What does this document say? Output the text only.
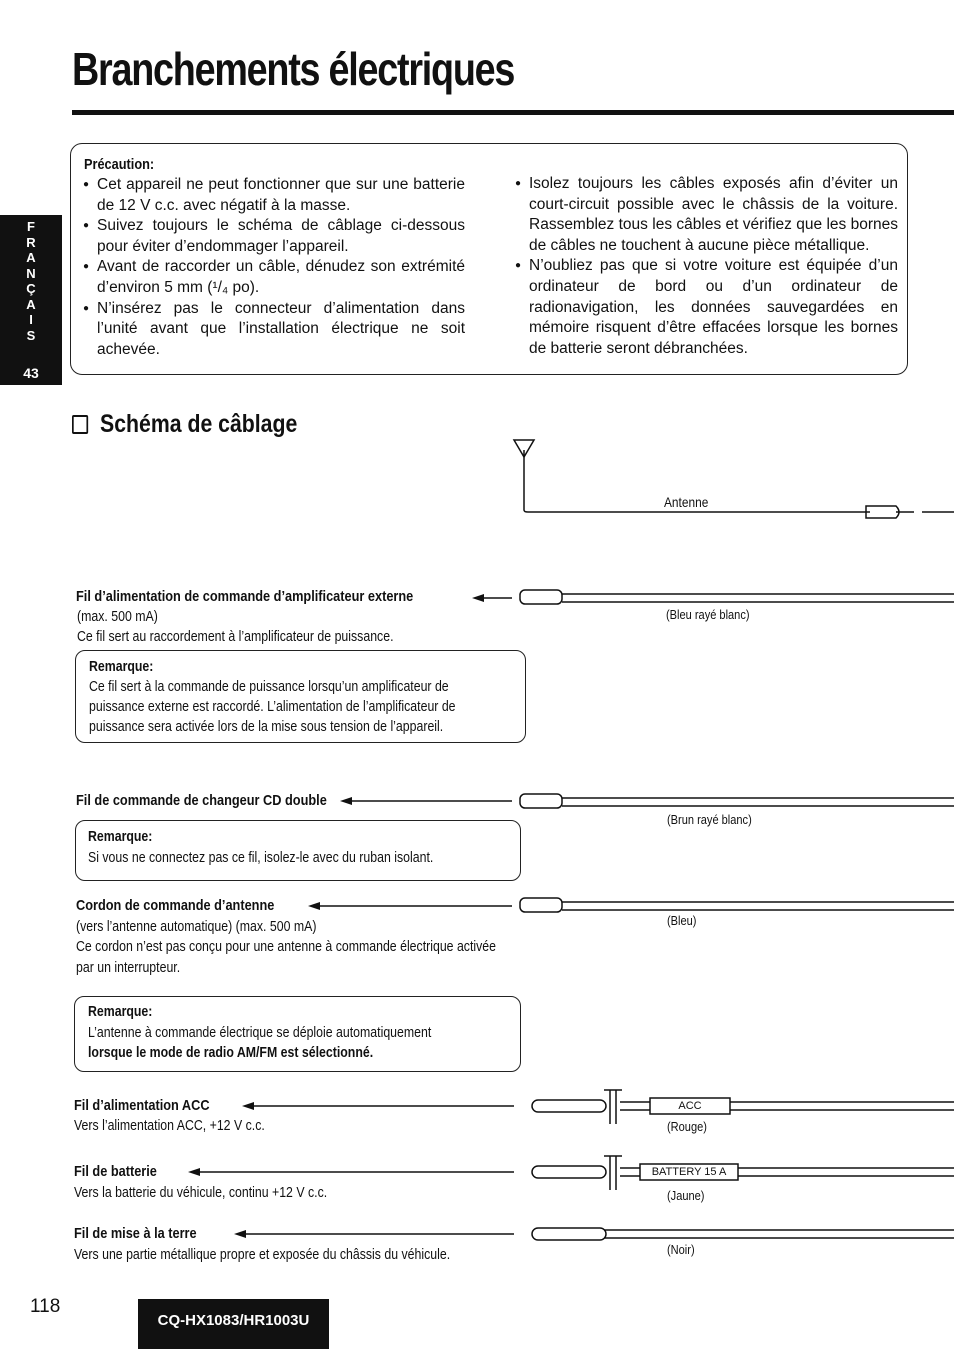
Branchements électriques
F
R
A
N
Ç
A
I
S
43
Précaution:
● Cet appareil ne peut fonctionner que sur une batterie de 12 V c.c. avec négatif à la masse.
● Suivez toujours le schéma de câblage ci-dessous pour éviter d’endommager l’appareil.
● Avant de raccorder un câble, dénudez son extrémité d’environ 5 mm (¹/₄ po).
● N’insérez pas le connecteur d’alimentation dans l’unité avant que l’installation électrique ne soit achevée.
● Isolez toujours les câbles exposés afin d’éviter un court-circuit possible avec le châssis de la voiture. Rassemblez tous les câbles et vérifiez que les bornes de câbles ne touchent à aucune pièce métallique.
● N’oubliez pas que si votre voiture est équipée d’un ordinateur de bord ou d’un ordinateur de radionavigation, les données sauvegardées en mémoire risquent d’être effacées lorsque les bornes de batterie seront débranchées.
Schéma de câblage
Antenne
Fil d’alimentation de commande d’amplificateur externe
(max. 500 mA)
Ce fil sert au raccordement à l’amplificateur de puissance.
(Bleu rayé blanc)
Remarque:
Ce fil sert à la commande de puissance lorsqu’un amplificateur de
puissance externe est raccordé. L’alimentation de l’amplificateur de
puissance sera activée lors de la mise sous tension de l’appareil.
Fil de commande de changeur CD double
(Brun rayé blanc)
Remarque:
Si vous ne connectez pas ce fil, isolez-le avec du ruban isolant.
Cordon de commande d’antenne
(vers l’antenne automatique) (max. 500 mA)
Ce cordon n’est pas conçu pour une antenne à commande électrique activée
par un interrupteur.
(Bleu)
Remarque:
L’antenne à commande électrique se déploie automatiquement
lorsque le mode de radio AM/FM est sélectionné.
Fil d’alimentation ACC
Vers l’alimentation ACC, +12 V c.c.
ACC
(Rouge)
Fil de batterie
Vers la batterie du véhicule, continu +12 V c.c.
BATTERY 15 A
(Jaune)
Fil de mise à la terre
Vers une partie métallique propre et exposée du châssis du véhicule.	(Noir)
118
CQ-HX1083/HR1003U
